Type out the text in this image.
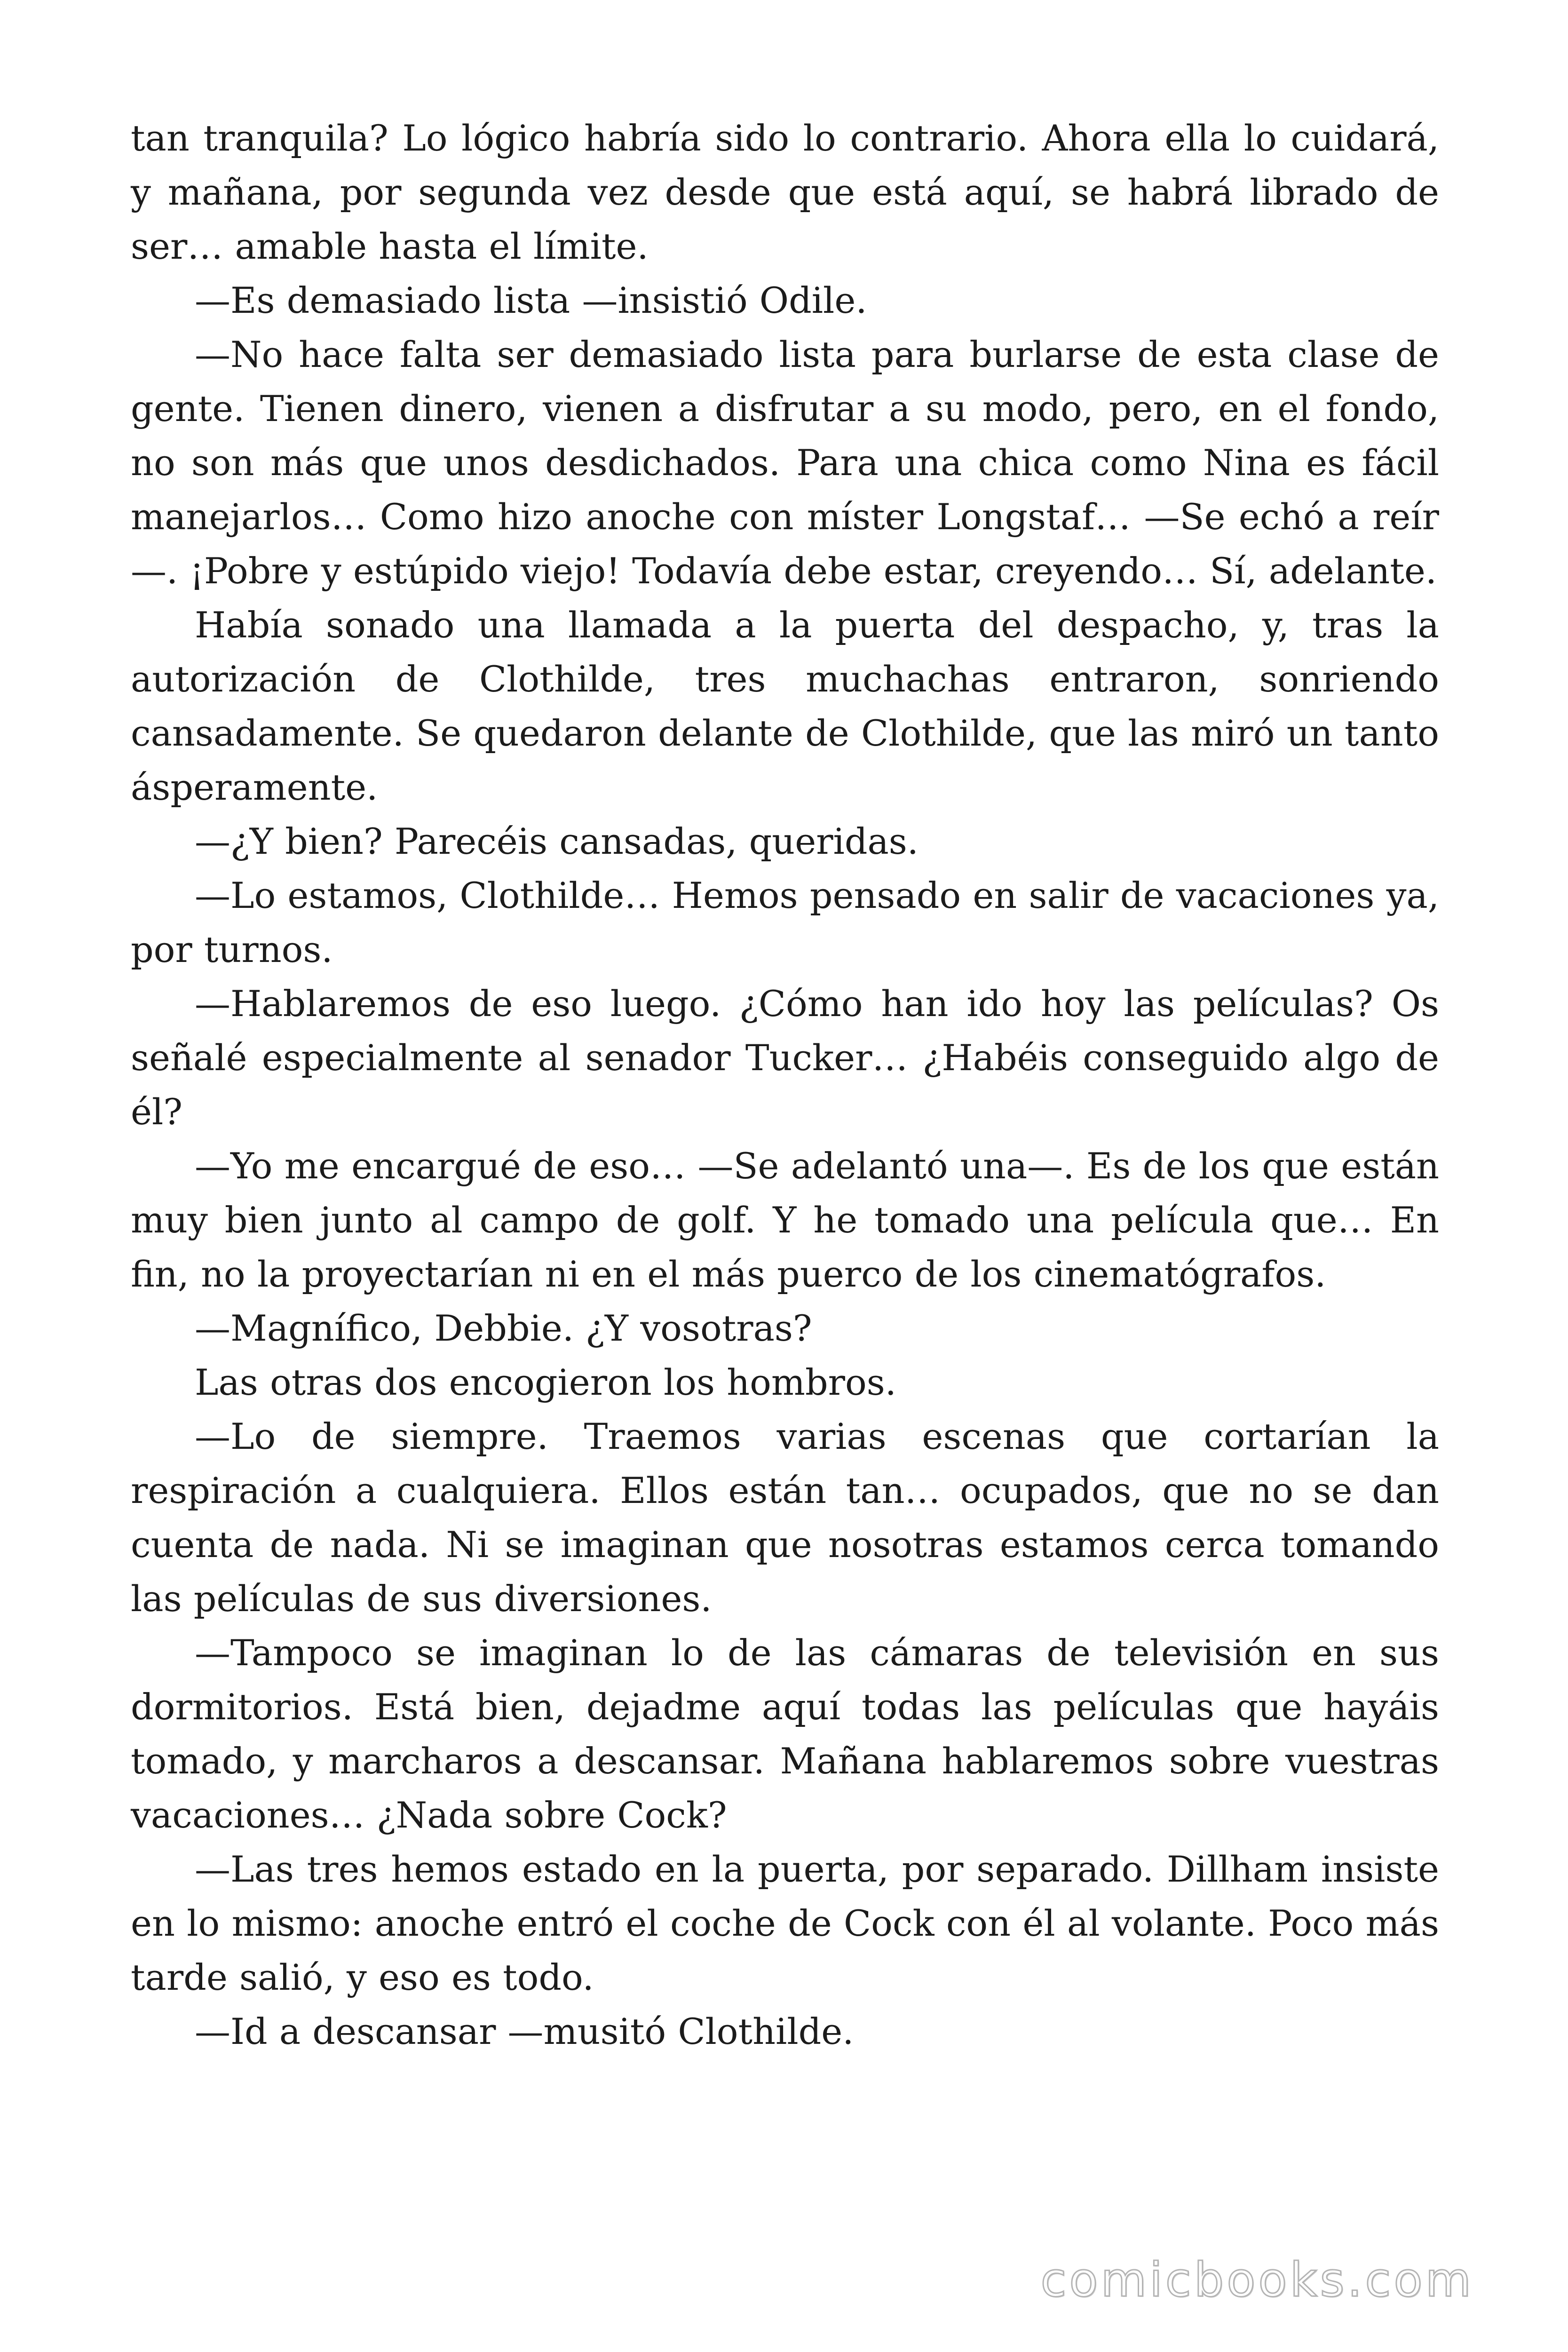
tan tranquila? Lo lógico habría sido lo contrario. Ahora ella lo cuidará, y mañana, por segunda vez desde que está aquí, se habrá librado de ser… amable hasta el límite.

—Es demasiado lista —insistió Odile.

—No hace falta ser demasiado lista para burlarse de esta clase de gente. Tienen dinero, vienen a disfrutar a su modo, pero, en el fondo, no son más que unos desdichados. Para una chica como Nina es fácil manejarlos… Como hizo anoche con míster Longstaf… —Se echó a reír—. ¡Pobre y estúpido viejo! Todavía debe estar, creyendo… Sí, adelante.

Había sonado una llamada a la puerta del despacho, y, tras la autorización de Clothilde, tres muchachas entraron, sonriendo cansadamente. Se quedaron delante de Clothilde, que las miró un tanto ásperamente.

—¿Y bien? Parecéis cansadas, queridas.

—Lo estamos, Clothilde… Hemos pensado en salir de vacaciones ya, por turnos.

—Hablaremos de eso luego. ¿Cómo han ido hoy las películas? Os señalé especialmente al senador Tucker… ¿Habéis conseguido algo de él?

—Yo me encargué de eso… —Se adelantó una—. Es de los que están muy bien junto al campo de golf. Y he tomado una película que… En fin, no la proyectarían ni en el más puerco de los cinematógrafos.

—Magnífico, Debbie. ¿Y vosotras?

Las otras dos encogieron los hombros.

—Lo de siempre. Traemos varias escenas que cortarían la respiración a cualquiera. Ellos están tan… ocupados, que no se dan cuenta de nada. Ni se imaginan que nosotras estamos cerca tomando las películas de sus diversiones.

—Tampoco se imaginan lo de las cámaras de televisión en sus dormitorios. Está bien, dejadme aquí todas las películas que hayáis tomado, y marcharos a descansar. Mañana hablaremos sobre vuestras vacaciones… ¿Nada sobre Cock?

—Las tres hemos estado en la puerta, por separado. Dillham insiste en lo mismo: anoche entró el coche de Cock con él al volante. Poco más tarde salió, y eso es todo.

—Id a descansar —musitó Clothilde.

comicbooks.com
